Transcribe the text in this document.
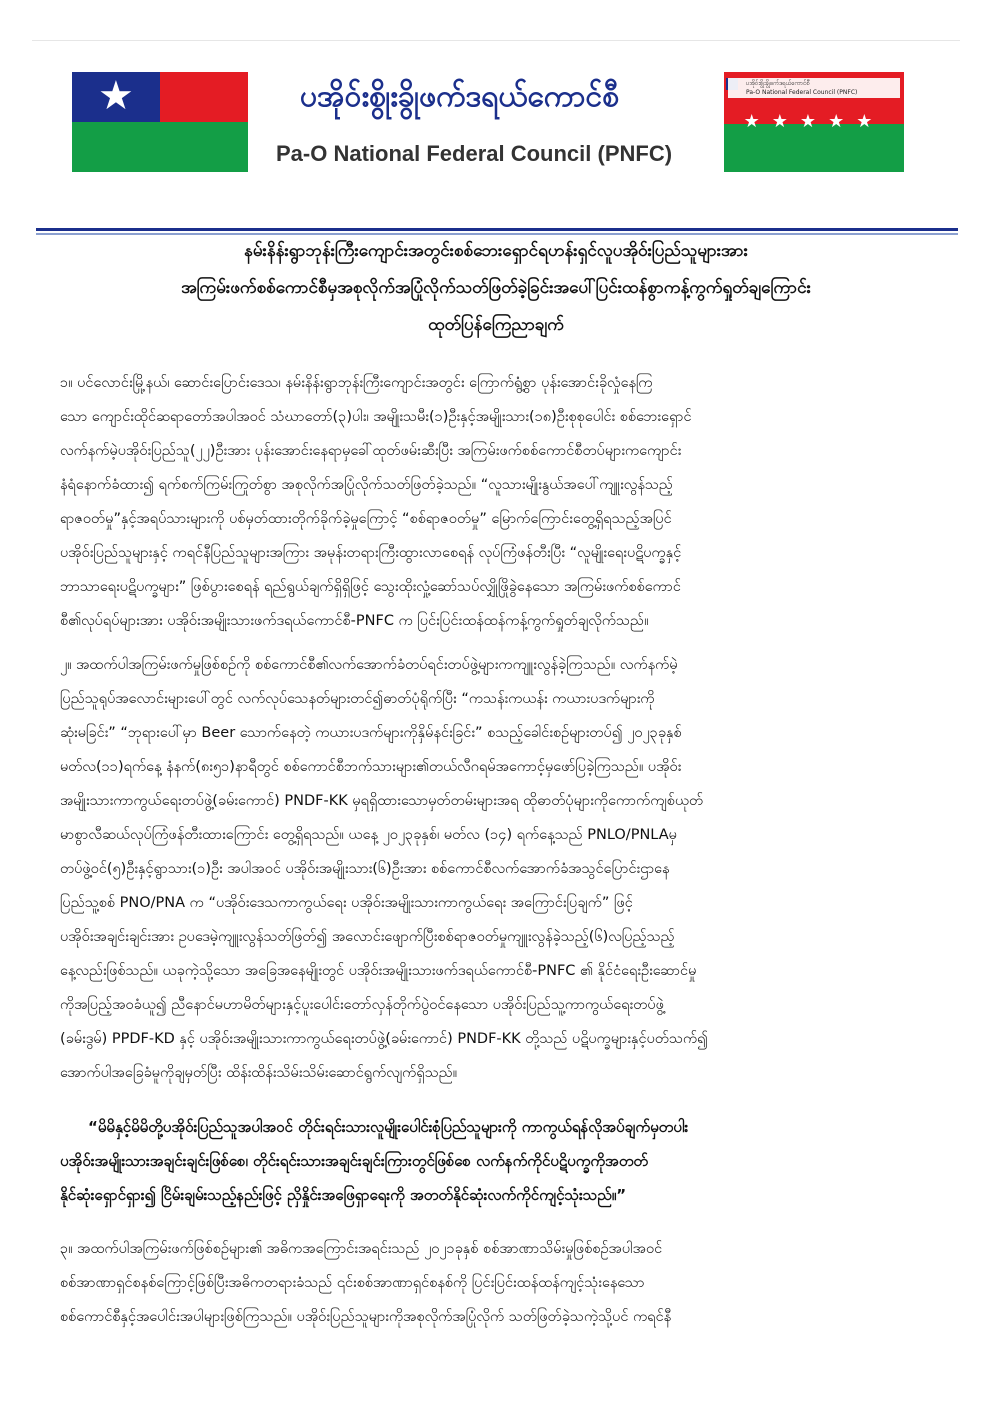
★	ပအိုဝ်းစွိုးခွိုဖက်ဒရယ်ကောင်စီ
Pa-O National Federal Council (PNFC)
ပအိုဝ်းစွိုးခွိုဖက်ဒရယ်ကောင်စီ
Pa-O National Federal Council (PNFC)
★★★★★
နမ်းနိန်းရွာဘုန်းကြီးကျောင်းအတွင်းစစ်ဘေးရှောင်ရဟန်းရှင်လူပအိုဝ်းပြည်သူများအား
အကြမ်းဖက်စစ်ကောင်စီမှအစုလိုက်အပြုံလိုက်သတ်ဖြတ်ခဲ့ခြင်းအပေါ်ပြင်းထန်စွာကန့်ကွက်ရှုတ်ချကြောင်း
ထုတ်ပြန်ကြေညာချက်
၁။ ပင်လောင်းမြို့နယ်၊ ဆောင်းပြောင်းဒေသ၊ နမ်းနိန်းရွာဘုန်းကြီးကျောင်းအတွင်း ကြောက်ရွံ့စွာ ပုန်းအောင်းခိုလှုံနေကြ
သော ကျောင်းထိုင်ဆရာတော်အပါအဝင် သံဃာတော်(၃)ပါး၊ အမျိုးသမီး(၁)ဦးနှင့်အမျိုးသား(၁၈)ဦးစုစုပေါင်း စစ်ဘေးရှောင်
လက်နက်မဲ့ပအိုဝ်းပြည်သူ(၂၂)ဦးအား ပုန်းအောင်းနေရာမှခေါ်ထုတ်ဖမ်းဆီးပြီး အကြမ်းဖက်စစ်ကောင်စီတပ်များကကျောင်း
နံရံနောက်ခံထား၍ ရက်စက်ကြမ်းကြုတ်စွာ အစုလိုက်အပြုံလိုက်သတ်ဖြတ်ခဲ့သည်။ “လူသားမျိုးနွယ်အပေါ်ကျူးလွန်သည့်
ရာဇဝတ်မှု”နှင့်အရပ်သားများကို ပစ်မှတ်ထားတိုက်ခိုက်ခဲ့မှုကြောင့် “စစ်ရာဇဝတ်မှု” မြောက်ကြောင်းတွေ့ရှိရသည့်အပြင်
ပအိုဝ်းပြည်သူများနှင့် ကရင်နီပြည်သူများအကြား အမုန်းတရားကြီးထွားလာစေရန် လုပ်ကြံဖန်တီးပြီး “လူမျိုးရေးပဋိပက္ခနှင့်
ဘာသာရေးပဋိပက္ခများ” ဖြစ်ပွားစေရန် ရည်ရွယ်ချက်ရှိရှိဖြင့် သွေးထိုးလှုံ့ဆော်သပ်လျှိုဖြိုခွဲနေသော အကြမ်းဖက်စစ်ကောင်
စီ၏လုပ်ရပ်များအား ပအိုဝ်းအမျိုးသားဖက်ဒရယ်ကောင်စီ-PNFC က ပြင်းပြင်းထန်ထန်ကန့်ကွက်ရှုတ်ချလိုက်သည်။
၂။ အထက်ပါအကြမ်းဖက်မှုဖြစ်စဉ်ကို စစ်ကောင်စီ၏လက်အောက်ခံတပ်ရင်းတပ်ဖွဲ့များကကျူးလွန်ခဲ့ကြသည်။ လက်နက်မဲ့
ပြည်သူရုပ်အလောင်းများပေါ်တွင် လက်လုပ်သေနတ်များတင်၍ဓာတ်ပုံရိုက်ပြီး “ကသန်းကယန်း ကယားပဒက်များကို
ဆုံးမခြင်း” “ဘုရားပေါ်မှာ Beer သောက်နေတဲ့ ကယားပဒက်များကိုနှိမ်နင်းခြင်း” စသည့်ခေါင်းစဉ်များတပ်၍ ၂၀၂၃ခုနှစ်
မတ်လ(၁၁)ရက်နေ့ နံနက်(၈း၅၁)နာရီတွင် စစ်ကောင်စီဘက်သားများ၏တယ်လီဂရမ်အကောင့်မှဖော်ပြခဲ့ကြသည်။ ပအိုဝ်း
အမျိုးသားကာကွယ်ရေးတပ်ဖွဲ့(ခမ်းကောင်) PNDF-KK မှရရှိထားသောမှတ်တမ်းများအရ ထိုဓာတ်ပုံများကိုကောက်ကျစ်ယုတ်
မာစွာလီဆယ်လုပ်ကြံဖန်တီးထားကြောင်း တွေ့ရှိရသည်။ ယနေ့ ၂၀၂၃ခုနှစ်၊ မတ်လ (၁၄) ရက်နေ့သည် PNLO/PNLAမှ
တပ်ဖွဲ့ဝင်(၅)ဦးနှင့်ရွာသား(၁)ဦး အပါအဝင် ပအိုဝ်းအမျိုးသား(၆)ဦးအား စစ်ကောင်စီလက်အောက်ခံအသွင်ပြောင်းဌာနေ
ပြည်သူ့စစ် PNO/PNA က “ပအိုဝ်းဒေသကာကွယ်ရေး ပအိုဝ်းအမျိုးသားကာကွယ်ရေး အကြောင်းပြချက်” ဖြင့်
ပအိုဝ်းအချင်းချင်းအား ဥပဒေမဲ့ကျူးလွန်သတ်ဖြတ်၍ အလောင်းဖျောက်ပြီးစစ်ရာဇဝတ်မှုကျူးလွန်ခဲ့သည့်(၆)လပြည့်သည့်
နေ့လည်းဖြစ်သည်။ ယခုကဲ့သို့သော အခြေအနေမျိုးတွင် ပအိုဝ်းအမျိုးသားဖက်ဒရယ်ကောင်စီ-PNFC ၏ နိုင်ငံရေးဦးဆောင်မှု
ကိုအပြည့်အဝခံယူ၍ ညီနောင်မဟာမိတ်များနှင့်ပူးပေါင်းတော်လှန်တိုက်ပွဲဝင်နေသော ပအိုဝ်းပြည်သူ့ကာကွယ်ရေးတပ်ဖွဲ့
(ခမ်းဒွမ်) PPDF-KD နှင့် ပအိုဝ်းအမျိုးသားကာကွယ်ရေးတပ်ဖွဲ့(ခမ်းကောင်) PNDF-KK တို့သည် ပဋိပက္ခများနှင့်ပတ်သက်၍
အောက်ပါအခြေခံမူကိုချမှတ်ပြီး ထိန်းထိန်းသိမ်းသိမ်းဆောင်ရွက်လျက်ရှိသည်။
“မိမိနှင့်မိမိတို့ပအိုဝ်းပြည်သူအပါအဝင် တိုင်းရင်းသားလူမျိုးပေါင်းစုံပြည်သူများကို ကာကွယ်ရန်လိုအပ်ချက်မှတပါး
ပအိုဝ်းအမျိုးသားအချင်းချင်းဖြစ်စေ၊ တိုင်းရင်းသားအချင်းချင်းကြားတွင်ဖြစ်စေ လက်နက်ကိုင်ပဋိပက္ခကိုအတတ်
နိုင်ဆုံးရှောင်ရှား၍ ငြိမ်းချမ်းသည့်နည်းဖြင့် ညှိနှိုင်းအဖြေရှာရေးကို အတတ်နိုင်ဆုံးလက်ကိုင်ကျင့်သုံးသည်။”
၃။ အထက်ပါအကြမ်းဖက်ဖြစ်စဉ်များ၏ အဓိကအကြောင်းအရင်းသည် ၂၀၂၁ခုနှစ် စစ်အာဏာသိမ်းမှုဖြစ်စဉ်အပါအဝင်
စစ်အာဏာရှင်စနစ်ကြောင့်ဖြစ်ပြီးအဓိကတရားခံသည် ၎င်းစစ်အာဏာရှင်စနစ်ကို ပြင်းပြင်းထန်ထန်ကျင့်သုံးနေသော
စစ်ကောင်စီနှင့်အပေါင်းအပါများဖြစ်ကြသည်။ ပအိုဝ်းပြည်သူများကိုအစုလိုက်အပြုံလိုက် သတ်ဖြတ်ခဲ့သကဲ့သို့ပင် ကရင်နီ
